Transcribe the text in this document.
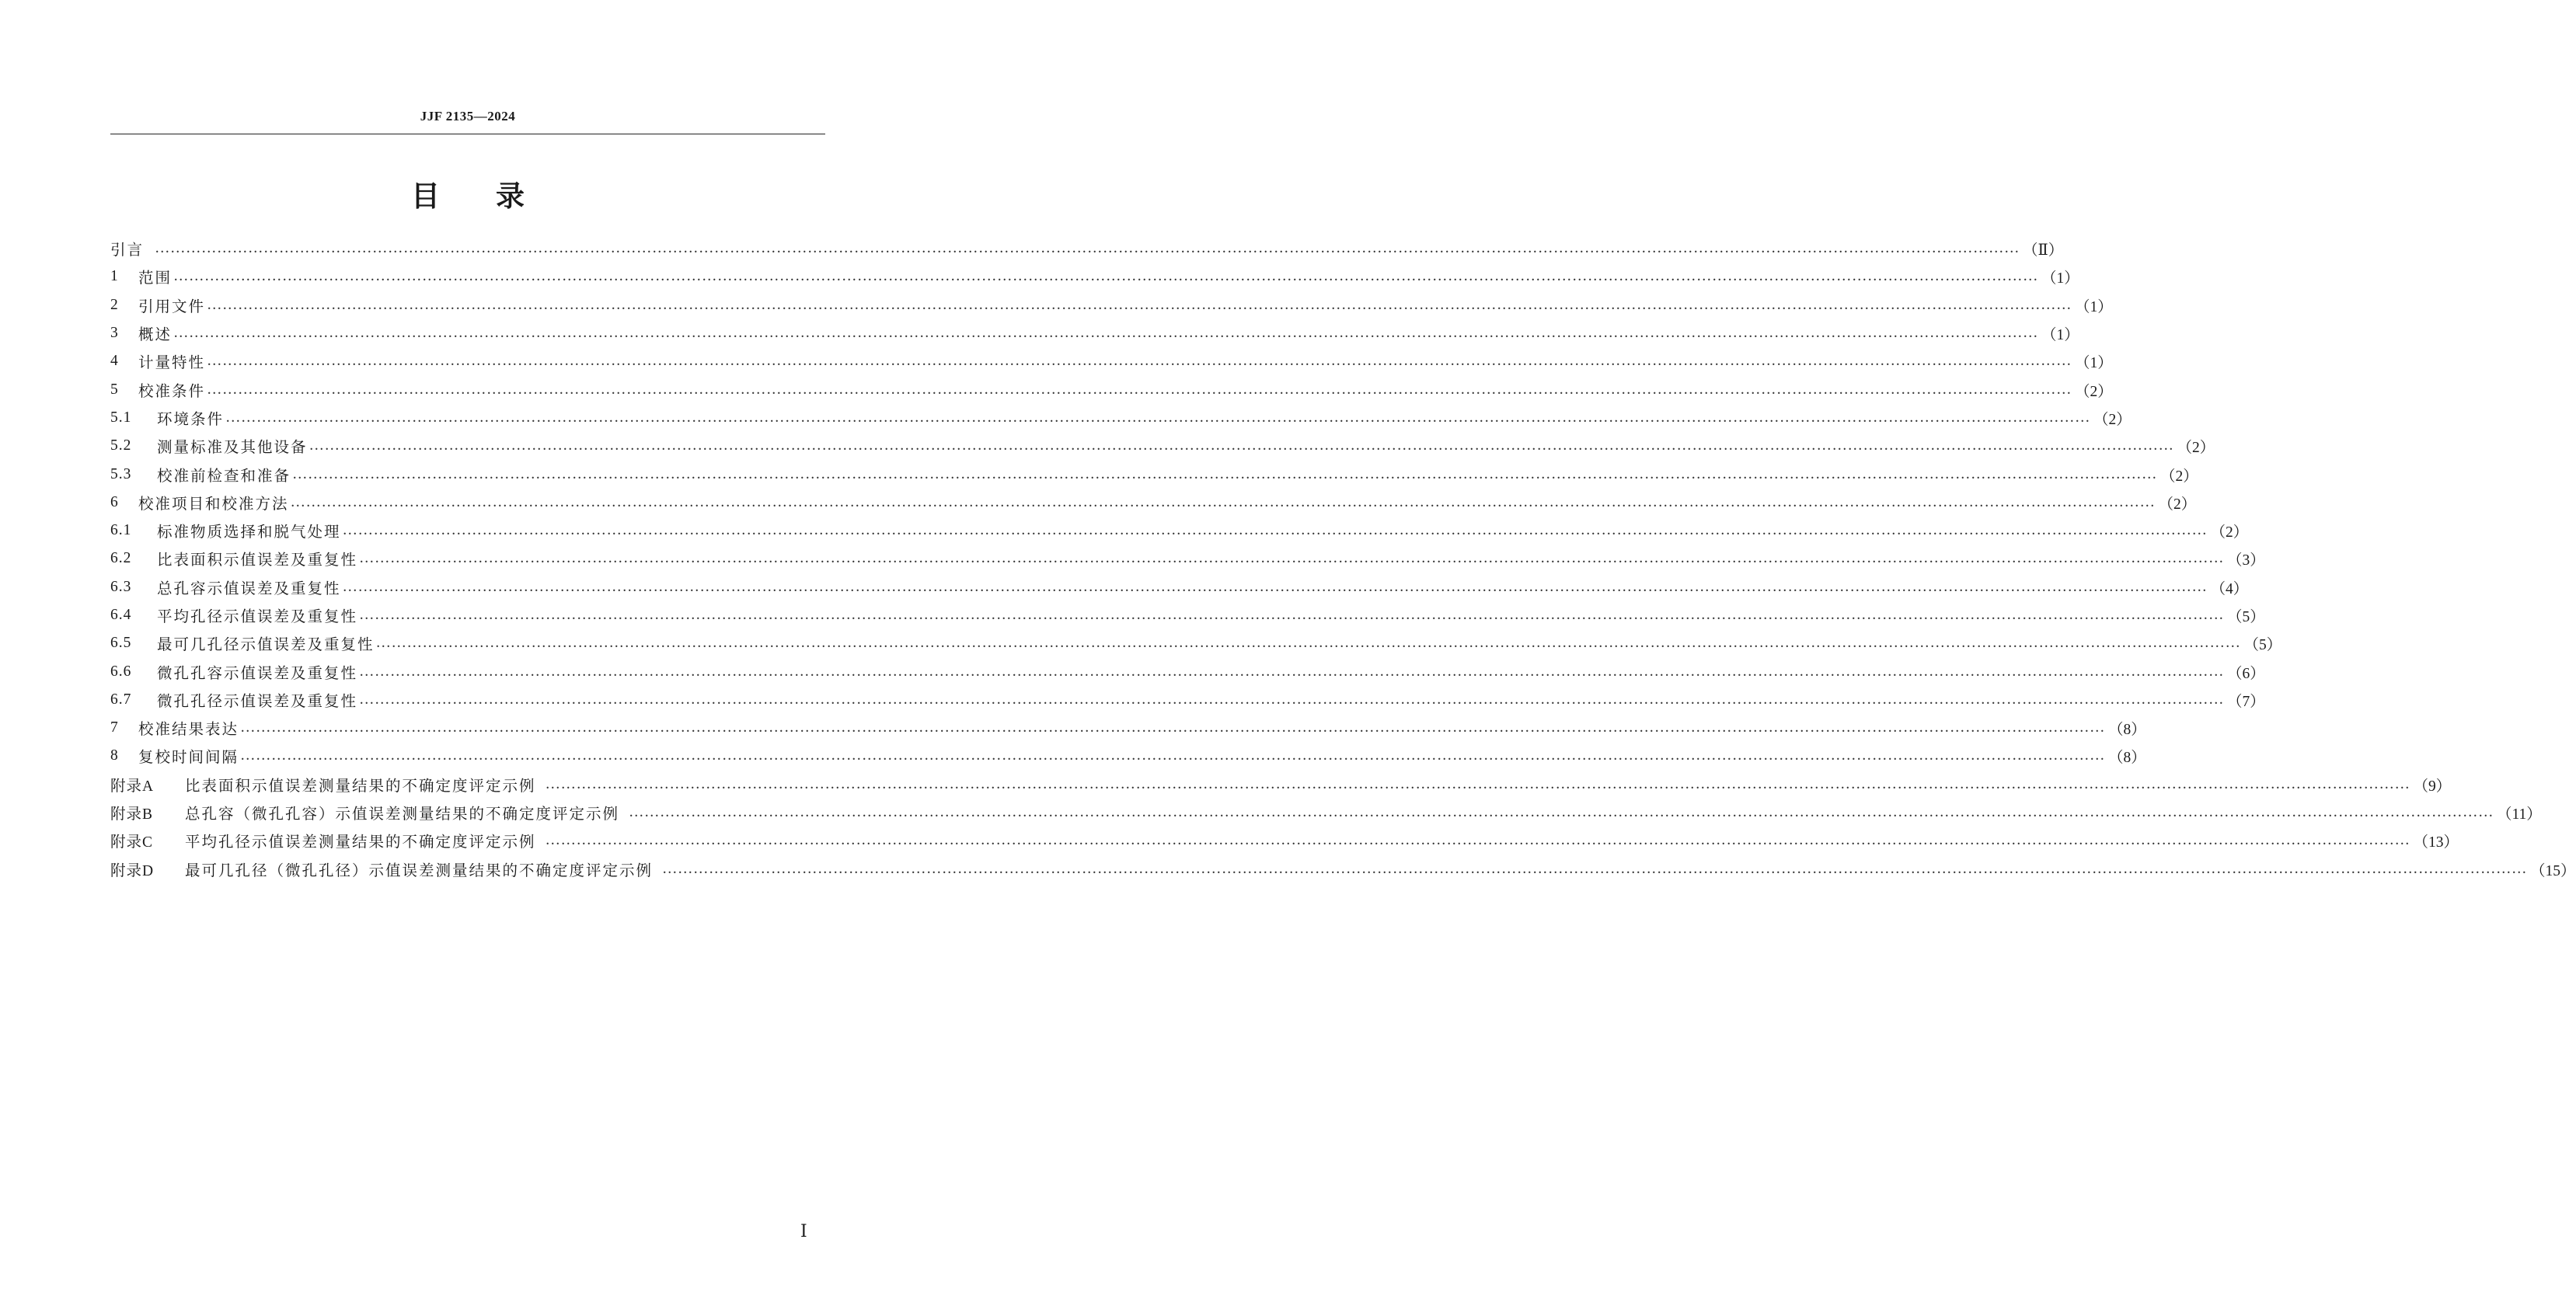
JJF 2135—2024
目录
引言 ……………………………………………………………………………………………………………………………………………………………………………………………………………………………………………………………………………………………………………………………… （Ⅱ）
1	范围 ……………………………………………………………………………………………………………………………………………………………………………………………………………………………………………………………………………………………………………………………… （1）
2	引用文件 ……………………………………………………………………………………………………………………………………………………………………………………………………………………………………………………………………………………………………………………………… （1）
3	概述 ……………………………………………………………………………………………………………………………………………………………………………………………………………………………………………………………………………………………………………………………… （1）
4	计量特性 ……………………………………………………………………………………………………………………………………………………………………………………………………………………………………………………………………………………………………………………………… （1）
5	校准条件 ……………………………………………………………………………………………………………………………………………………………………………………………………………………………………………………………………………………………………………………………… （2）
5.1	环境条件 ……………………………………………………………………………………………………………………………………………………………………………………………………………………………………………………………………………………………………………………………… （2）
5.2	测量标准及其他设备 ……………………………………………………………………………………………………………………………………………………………………………………………………………………………………………………………………………………………………………………………… （2）
5.3	校准前检查和准备 ……………………………………………………………………………………………………………………………………………………………………………………………………………………………………………………………………………………………………………………………… （2）
6	校准项目和校准方法 ……………………………………………………………………………………………………………………………………………………………………………………………………………………………………………………………………………………………………………………………… （2）
6.1	标准物质选择和脱气处理 ……………………………………………………………………………………………………………………………………………………………………………………………………………………………………………………………………………………………………………………………… （2）
6.2	比表面积示值误差及重复性 ……………………………………………………………………………………………………………………………………………………………………………………………………………………………………………………………………………………………………………………………… （3）
6.3	总孔容示值误差及重复性 ……………………………………………………………………………………………………………………………………………………………………………………………………………………………………………………………………………………………………………………………… （4）
6.4	平均孔径示值误差及重复性 ……………………………………………………………………………………………………………………………………………………………………………………………………………………………………………………………………………………………………………………………… （5）
6.5	最可几孔径示值误差及重复性 ……………………………………………………………………………………………………………………………………………………………………………………………………………………………………………………………………………………………………………………………… （5）
6.6	微孔孔容示值误差及重复性 ……………………………………………………………………………………………………………………………………………………………………………………………………………………………………………………………………………………………………………………………… （6）
6.7	微孔孔径示值误差及重复性 ……………………………………………………………………………………………………………………………………………………………………………………………………………………………………………………………………………………………………………………………… （7）
7	校准结果表达 ……………………………………………………………………………………………………………………………………………………………………………………………………………………………………………………………………………………………………………………………… （8）
8	复校时间间隔 ……………………………………………………………………………………………………………………………………………………………………………………………………………………………………………………………………………………………………………………………… （8）
附录A	比表面积示值误差测量结果的不确定度评定示例 ……………………………………………………………………………………………………………………………………………………………………………………………………………………………………………………………………………………………………………………………… （9）
附录B	总孔容（微孔孔容）示值误差测量结果的不确定度评定示例 ……………………………………………………………………………………………………………………………………………………………………………………………………………………………………………………………………………………………………………………………… （11）
附录C	平均孔径示值误差测量结果的不确定度评定示例 ……………………………………………………………………………………………………………………………………………………………………………………………………………………………………………………………………………………………………………………………… （13）
附录D	最可几孔径（微孔孔径）示值误差测量结果的不确定度评定示例 ……………………………………………………………………………………………………………………………………………………………………………………………………………………………………………………………………………………………………………………………… （15）
Ⅰ
